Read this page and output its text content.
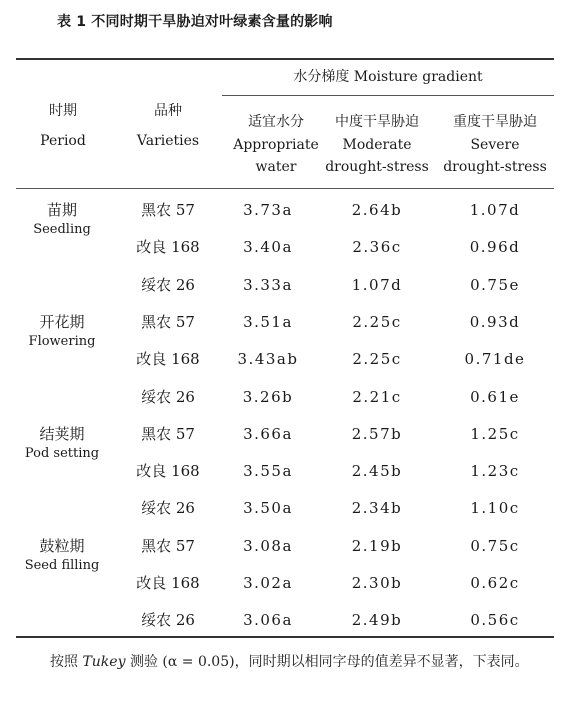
表 1 不同时期干旱胁迫对叶绿素含量的影响
水分梯度 Moisture gradient
时期
Period
品种
Varieties
适宜水分
Appropriate
water
中度干旱胁迫
Moderate
drought-stress
重度干旱胁迫
Severe
drought-stress
苗期
Seedling
黑农 57	3.73a	2.64b	1.07d
改良 168	3.40a	2.36c	0.96d
绥农 26	3.33a	1.07d	0.75e
开花期
Flowering
黑农 57	3.51a	2.25c	0.93d
改良 168	3.43ab	2.25c	0.71de
绥农 26	3.26b	2.21c	0.61e
结荚期
Pod setting
黑农 57	3.66a	2.57b	1.25c
改良 168	3.55a	2.45b	1.23c
绥农 26	3.50a	2.34b	1.10c
鼓粒期
Seed filling
黑农 57	3.08a	2.19b	0.75c
改良 168	3.02a	2.30b	0.62c
绥农 26	3.06a	2.49b	0.56c
按照 Tukey 测验 (α = 0.05)，同时期以相同字母的值差异不显著，下表同。
